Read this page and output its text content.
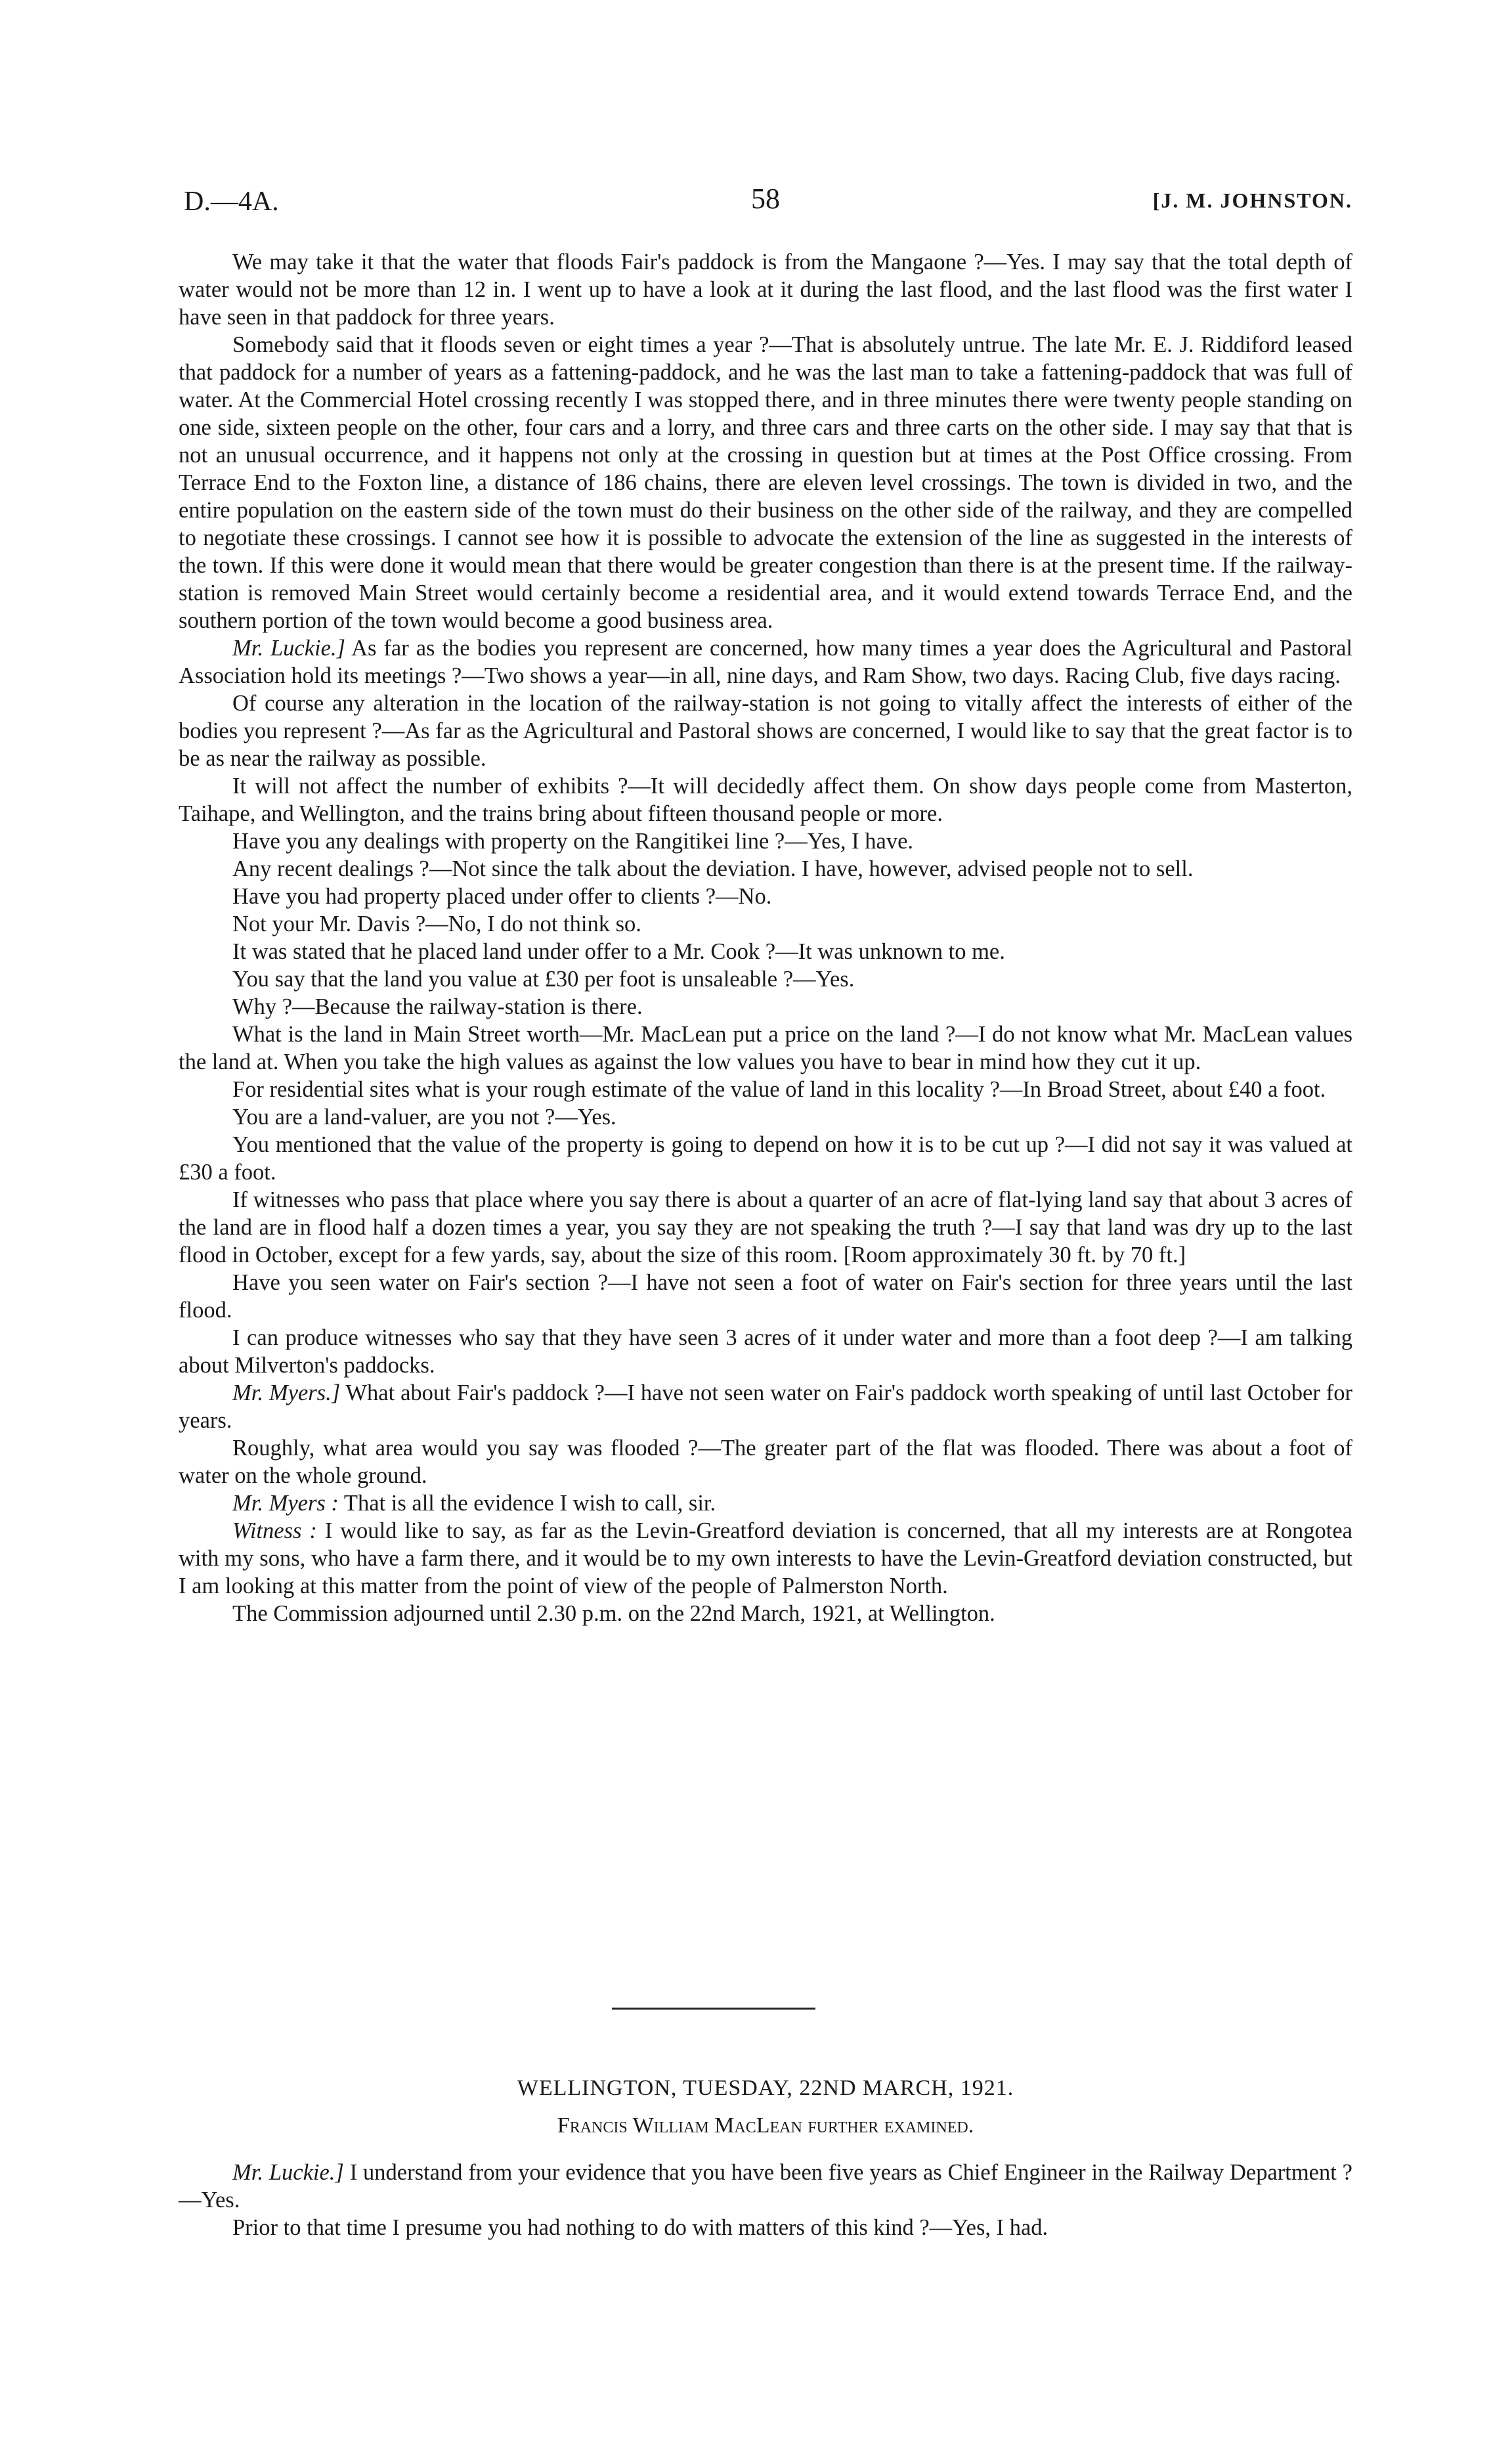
D.—4A.	58	[J. M. JOHNSTON.

We may take it that the water that floods Fair's paddock is from the Mangaone ?—Yes. I may say that the total depth of water would not be more than 12 in. I went up to have a look at it during the last flood, and the last flood was the first water I have seen in that paddock for three years.

Somebody said that it floods seven or eight times a year ?—That is absolutely untrue. The late Mr. E. J. Riddiford leased that paddock for a number of years as a fattening-paddock, and he was the last man to take a fattening-paddock that was full of water. At the Commercial Hotel crossing recently I was stopped there, and in three minutes there were twenty people standing on one side, sixteen people on the other, four cars and a lorry, and three cars and three carts on the other side. I may say that that is not an unusual occurrence, and it happens not only at the crossing in question but at times at the Post Office crossing. From Terrace End to the Foxton line, a distance of 186 chains, there are eleven level crossings. The town is divided in two, and the entire population on the eastern side of the town must do their business on the other side of the railway, and they are compelled to negotiate these crossings. I cannot see how it is possible to advocate the extension of the line as suggested in the interests of the town. If this were done it would mean that there would be greater congestion than there is at the present time. If the railway-station is removed Main Street would certainly become a residential area, and it would extend towards Terrace End, and the southern portion of the town would become a good business area.

Mr. Luckie.] As far as the bodies you represent are concerned, how many times a year does the Agricultural and Pastoral Association hold its meetings ?—Two shows a year—in all, nine days, and Ram Show, two days. Racing Club, five days racing.

Of course any alteration in the location of the railway-station is not going to vitally affect the interests of either of the bodies you represent ?—As far as the Agricultural and Pastoral shows are concerned, I would like to say that the great factor is to be as near the railway as possible.

It will not affect the number of exhibits ?—It will decidedly affect them. On show days people come from Masterton, Taihape, and Wellington, and the trains bring about fifteen thousand people or more.

Have you any dealings with property on the Rangitikei line ?—Yes, I have.

Any recent dealings ?—Not since the talk about the deviation. I have, however, advised people not to sell.

Have you had property placed under offer to clients ?—No.

Not your Mr. Davis ?—No, I do not think so.

It was stated that he placed land under offer to a Mr. Cook ?—It was unknown to me.

You say that the land you value at £30 per foot is unsaleable ?—Yes.

Why ?—Because the railway-station is there.

What is the land in Main Street worth—Mr. MacLean put a price on the land ?—I do not know what Mr. MacLean values the land at. When you take the high values as against the low values you have to bear in mind how they cut it up.

For residential sites what is your rough estimate of the value of land in this locality ?—In Broad Street, about £40 a foot.

You are a land-valuer, are you not ?—Yes.

You mentioned that the value of the property is going to depend on how it is to be cut up ?—I did not say it was valued at £30 a foot.

If witnesses who pass that place where you say there is about a quarter of an acre of flat-lying land say that about 3 acres of the land are in flood half a dozen times a year, you say they are not speaking the truth ?—I say that land was dry up to the last flood in October, except for a few yards, say, about the size of this room. [Room approximately 30 ft. by 70 ft.]

Have you seen water on Fair's section ?—I have not seen a foot of water on Fair's section for three years until the last flood.

I can produce witnesses who say that they have seen 3 acres of it under water and more than a foot deep ?—I am talking about Milverton's paddocks.

Mr. Myers.] What about Fair's paddock ?—I have not seen water on Fair's paddock worth speaking of until last October for years.

Roughly, what area would you say was flooded ?—The greater part of the flat was flooded. There was about a foot of water on the whole ground.

Mr. Myers : That is all the evidence I wish to call, sir.

Witness : I would like to say, as far as the Levin-Greatford deviation is concerned, that all my interests are at Rongotea with my sons, who have a farm there, and it would be to my own interests to have the Levin-Greatford deviation constructed, but I am looking at this matter from the point of view of the people of Palmerston North.

The Commission adjourned until 2.30 p.m. on the 22nd March, 1921, at Wellington.

WELLINGTON, TUESDAY, 22ND MARCH, 1921.
Francis William MacLean further examined.

Mr. Luckie.] I understand from your evidence that you have been five years as Chief Engineer in the Railway Department ?—Yes.

Prior to that time I presume you had nothing to do with matters of this kind ?—Yes, I had.
